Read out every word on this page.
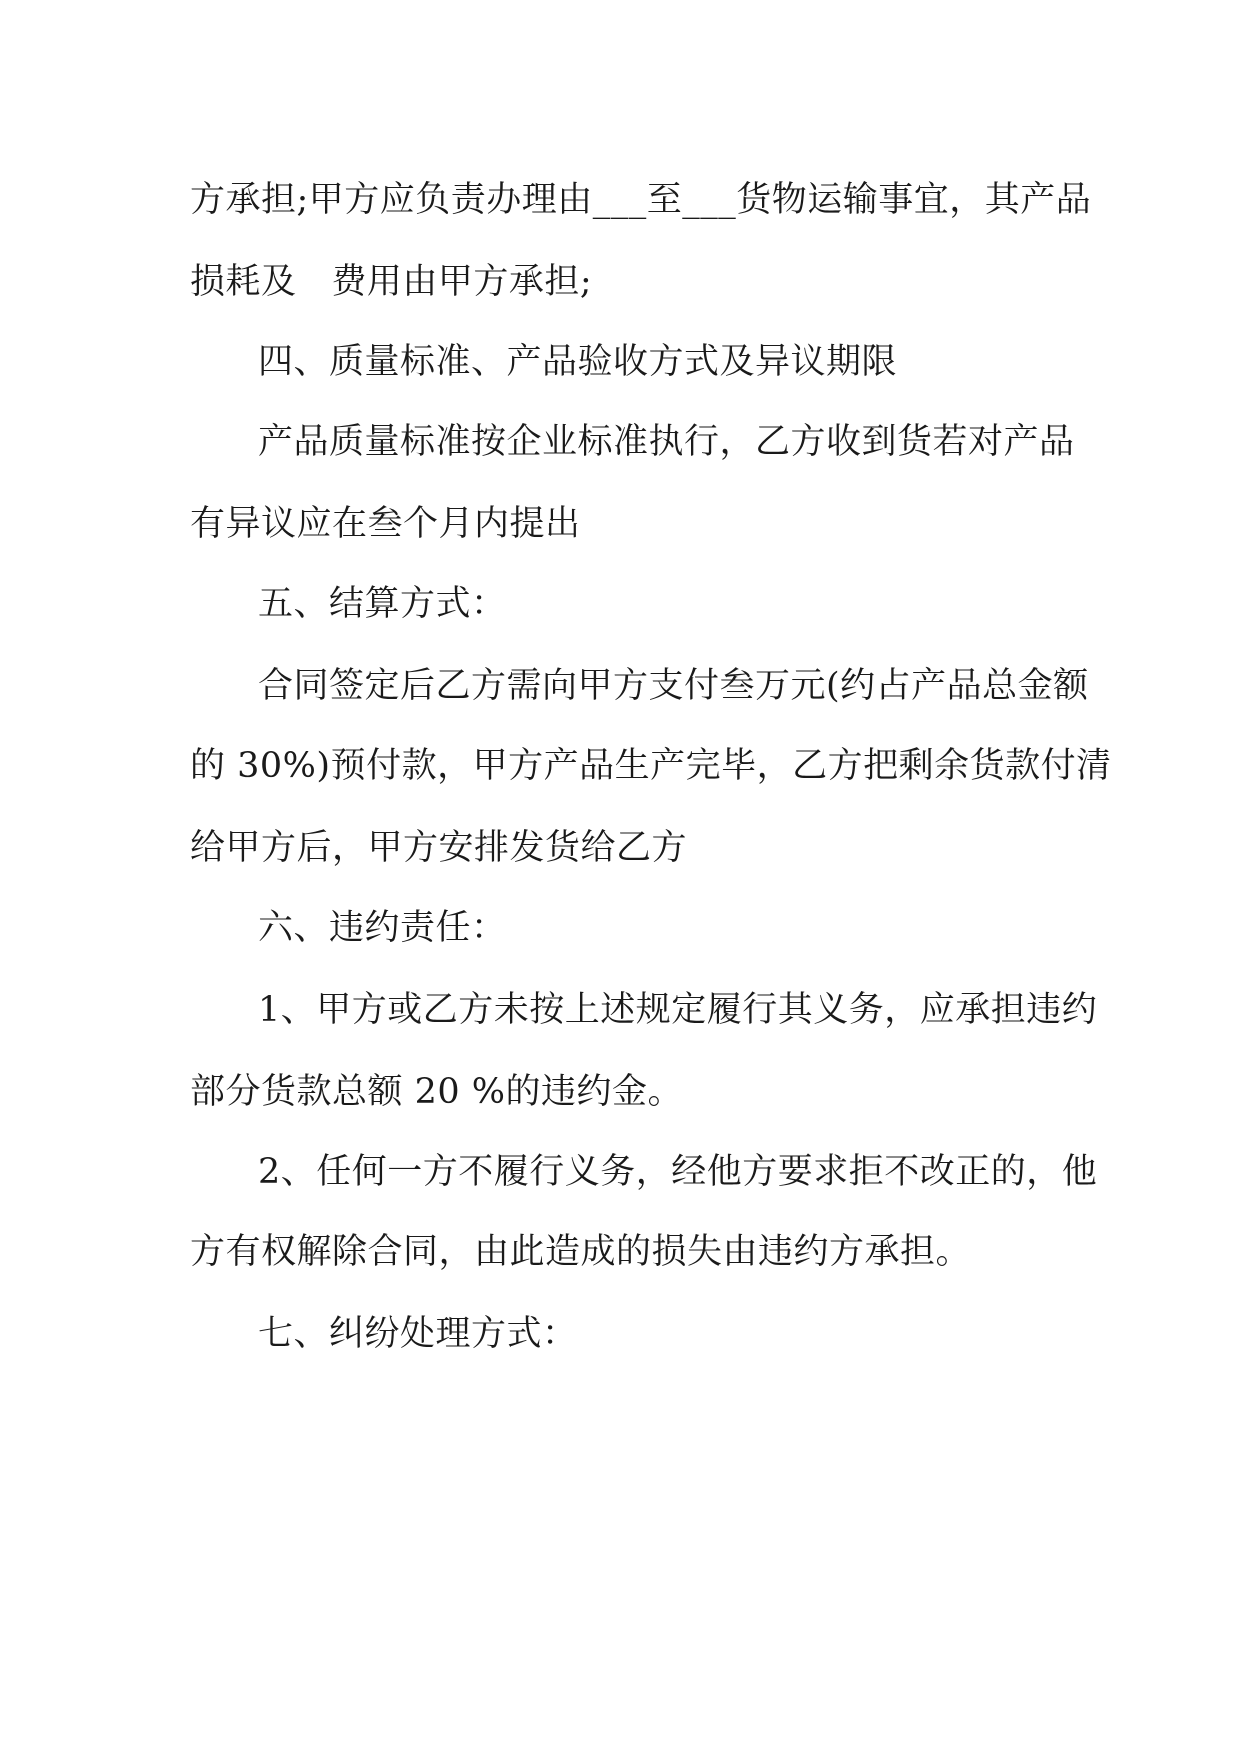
方承担;甲方应负责办理由___至___货物运输事宜，其产品
损耗及   费用由甲方承担;
四、质量标准、产品验收方式及异议期限
产品质量标准按企业标准执行，乙方收到货若对产品
有异议应在叁个月内提出
五、结算方式：
合同签定后乙方需向甲方支付叁万元(约占产品总金额
的 30%)预付款，甲方产品生产完毕，乙方把剩余货款付清
给甲方后，甲方安排发货给乙方
六、违约责任：
1、甲方或乙方未按上述规定履行其义务，应承担违约
部分货款总额 20 %的违约金。
2、任何一方不履行义务，经他方要求拒不改正的，他
方有权解除合同，由此造成的损失由违约方承担。
七、纠纷处理方式：
